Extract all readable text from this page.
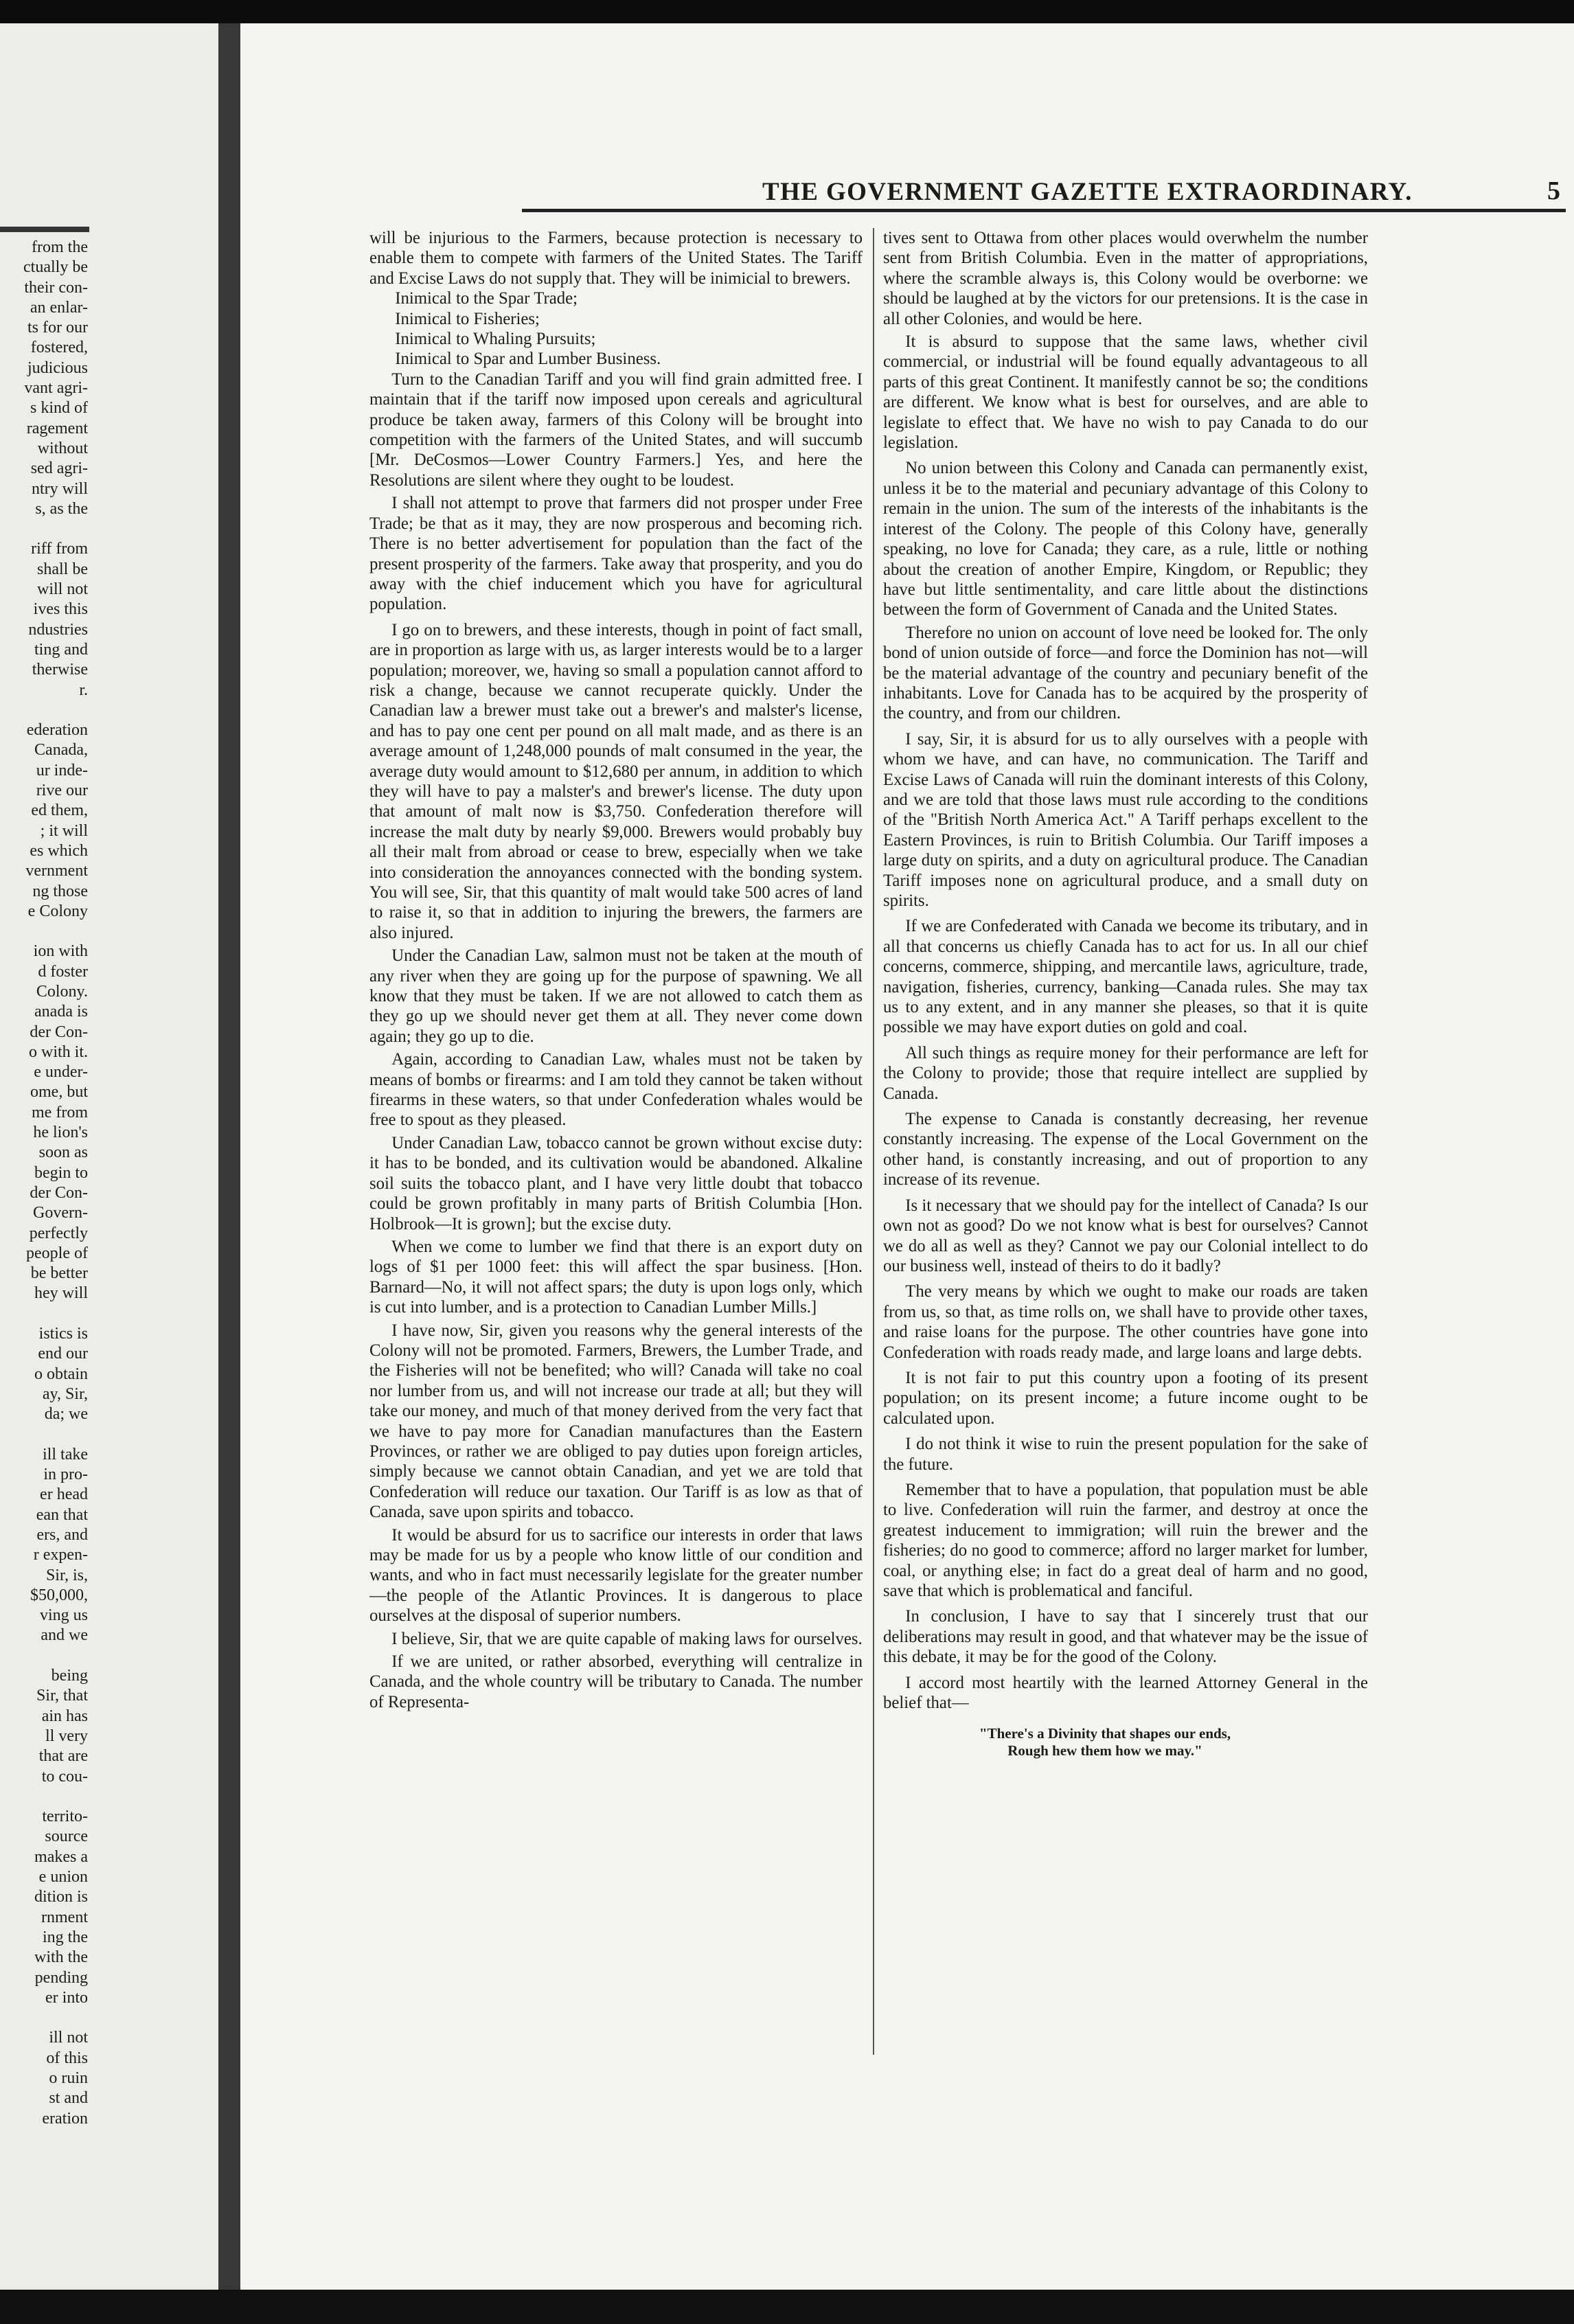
from the
ctually be
their con-
an enlar-
ts for our
fostered,
judicious
vant agri-
s kind of
ragement
without
sed agri-
ntry will
s, as the
riff from
shall be
will not
ives this
ndustries
ting and
therwise
r.
ederation
Canada,
ur inde-
rive our
ed them,
; it will
es which
vernment
ng those
e Colony
ion with
d foster
Colony.
anada is
der Con-
o with it.
e under-
ome, but
me from
he lion's
soon as
begin to
der Con-
Govern-
perfectly
people of
be better
hey will
istics is
end our
o obtain
ay, Sir,
da; we
ill take
in pro-
er head
ean that
ers, and
r expen-
Sir, is,
$50,000,
ving us
and we
being
Sir, that
ain has
ll very
that are
to cou-
territo-
source
makes a
e union
dition is
rnment
ing the
with the
pending
er into
ill not
of this
o ruin
st and
eration
THE GOVERNMENT GAZETTE EXTRAORDINARY.	5

will be injurious to the Farmers, because protection is necessary to enable them to compete with farmers of the United States. The Tariff and Excise Laws do not supply that. They will be inimicial to brewers.

Inimical to the Spar Trade;

Inimical to Fisheries;

Inimical to Whaling Pursuits;

Inimical to Spar and Lumber Business.

Turn to the Canadian Tariff and you will find grain admitted free. I maintain that if the tariff now imposed upon cereals and agricultural produce be taken away, farmers of this Colony will be brought into competition with the farmers of the United States, and will succumb [Mr. DeCosmos—Lower Country Farmers.] Yes, and here the Resolutions are silent where they ought to be loudest.

I shall not attempt to prove that farmers did not prosper under Free Trade; be that as it may, they are now prosperous and becoming rich. There is no better advertisement for population than the fact of the present prosperity of the farmers. Take away that prosperity, and you do away with the chief inducement which you have for agricultural population.

I go on to brewers, and these interests, though in point of fact small, are in proportion as large with us, as larger interests would be to a larger population; moreover, we, having so small a population cannot afford to risk a change, because we cannot recuperate quickly. Under the Canadian law a brewer must take out a brewer's and malster's license, and has to pay one cent per pound on all malt made, and as there is an average amount of 1,248,000 pounds of malt consumed in the year, the average duty would amount to $12,680 per annum, in addition to which they will have to pay a malster's and brewer's license. The duty upon that amount of malt now is $3,750. Confederation therefore will increase the malt duty by nearly $9,000. Brewers would probably buy all their malt from abroad or cease to brew, especially when we take into consideration the annoyances connected with the bonding system. You will see, Sir, that this quantity of malt would take 500 acres of land to raise it, so that in addition to injuring the brewers, the farmers are also injured.

Under the Canadian Law, salmon must not be taken at the mouth of any river when they are going up for the purpose of spawning. We all know that they must be taken. If we are not allowed to catch them as they go up we should never get them at all. They never come down again; they go up to die.

Again, according to Canadian Law, whales must not be taken by means of bombs or firearms: and I am told they cannot be taken without firearms in these waters, so that under Confederation whales would be free to spout as they pleased.

Under Canadian Law, tobacco cannot be grown without excise duty: it has to be bonded, and its cultivation would be abandoned. Alkaline soil suits the tobacco plant, and I have very little doubt that tobacco could be grown profitably in many parts of British Columbia [Hon. Holbrook—It is grown]; but the excise duty.

When we come to lumber we find that there is an export duty on logs of $1 per 1000 feet: this will affect the spar business. [Hon. Barnard—No, it will not affect spars; the duty is upon logs only, which is cut into lumber, and is a protection to Canadian Lumber Mills.]

I have now, Sir, given you reasons why the general interests of the Colony will not be promoted. Farmers, Brewers, the Lumber Trade, and the Fisheries will not be benefited; who will? Canada will take no coal nor lumber from us, and will not increase our trade at all; but they will take our money, and much of that money derived from the very fact that we have to pay more for Canadian manufactures than the Eastern Provinces, or rather we are obliged to pay duties upon foreign articles, simply because we cannot obtain Canadian, and yet we are told that Confederation will reduce our taxation. Our Tariff is as low as that of Canada, save upon spirits and tobacco.

It would be absurd for us to sacrifice our interests in order that laws may be made for us by a people who know little of our condition and wants, and who in fact must necessarily legislate for the greater number—the people of the Atlantic Provinces. It is dangerous to place ourselves at the disposal of superior numbers.

I believe, Sir, that we are quite capable of making laws for ourselves.

If we are united, or rather absorbed, everything will centralize in Canada, and the whole country will be tributary to Canada. The number of Representa-

tives sent to Ottawa from other places would overwhelm the number sent from British Columbia. Even in the matter of appropriations, where the scramble always is, this Colony would be overborne: we should be laughed at by the victors for our pretensions. It is the case in all other Colonies, and would be here.

It is absurd to suppose that the same laws, whether civil commercial, or industrial will be found equally advantageous to all parts of this great Continent. It manifestly cannot be so; the conditions are different. We know what is best for ourselves, and are able to legislate to effect that. We have no wish to pay Canada to do our legislation.

No union between this Colony and Canada can permanently exist, unless it be to the material and pecuniary advantage of this Colony to remain in the union. The sum of the interests of the inhabitants is the interest of the Colony. The people of this Colony have, generally speaking, no love for Canada; they care, as a rule, little or nothing about the creation of another Empire, Kingdom, or Republic; they have but little sentimentality, and care little about the distinctions between the form of Government of Canada and the United States.

Therefore no union on account of love need be looked for. The only bond of union outside of force—and force the Dominion has not—will be the material advantage of the country and pecuniary benefit of the inhabitants. Love for Canada has to be acquired by the prosperity of the country, and from our children.

I say, Sir, it is absurd for us to ally ourselves with a people with whom we have, and can have, no communication. The Tariff and Excise Laws of Canada will ruin the dominant interests of this Colony, and we are told that those laws must rule according to the conditions of the "British North America Act." A Tariff perhaps excellent to the Eastern Provinces, is ruin to British Columbia. Our Tariff imposes a large duty on spirits, and a duty on agricultural produce. The Canadian Tariff imposes none on agricultural produce, and a small duty on spirits.

If we are Confederated with Canada we become its tributary, and in all that concerns us chiefly Canada has to act for us. In all our chief concerns, commerce, shipping, and mercantile laws, agriculture, trade, navigation, fisheries, currency, banking—Canada rules. She may tax us to any extent, and in any manner she pleases, so that it is quite possible we may have export duties on gold and coal.

All such things as require money for their performance are left for the Colony to provide; those that require intellect are supplied by Canada.

The expense to Canada is constantly decreasing, her revenue constantly increasing. The expense of the Local Government on the other hand, is constantly increasing, and out of proportion to any increase of its revenue.

Is it necessary that we should pay for the intellect of Canada? Is our own not as good? Do we not know what is best for ourselves? Cannot we do all as well as they? Cannot we pay our Colonial intellect to do our business well, instead of theirs to do it badly?

The very means by which we ought to make our roads are taken from us, so that, as time rolls on, we shall have to provide other taxes, and raise loans for the purpose. The other countries have gone into Confederation with roads ready made, and large loans and large debts.

It is not fair to put this country upon a footing of its present population; on its present income; a future income ought to be calculated upon.

I do not think it wise to ruin the present population for the sake of the future.

Remember that to have a population, that population must be able to live. Confederation will ruin the farmer, and destroy at once the greatest inducement to immigration; will ruin the brewer and the fisheries; do no good to commerce; afford no larger market for lumber, coal, or anything else; in fact do a great deal of harm and no good, save that which is problematical and fanciful.

In conclusion, I have to say that I sincerely trust that our deliberations may result in good, and that whatever may be the issue of this debate, it may be for the good of the Colony.

I accord most heartily with the learned Attorney General in the belief that—

"There's a Divinity that shapes our ends,
Rough hew them how we may."
